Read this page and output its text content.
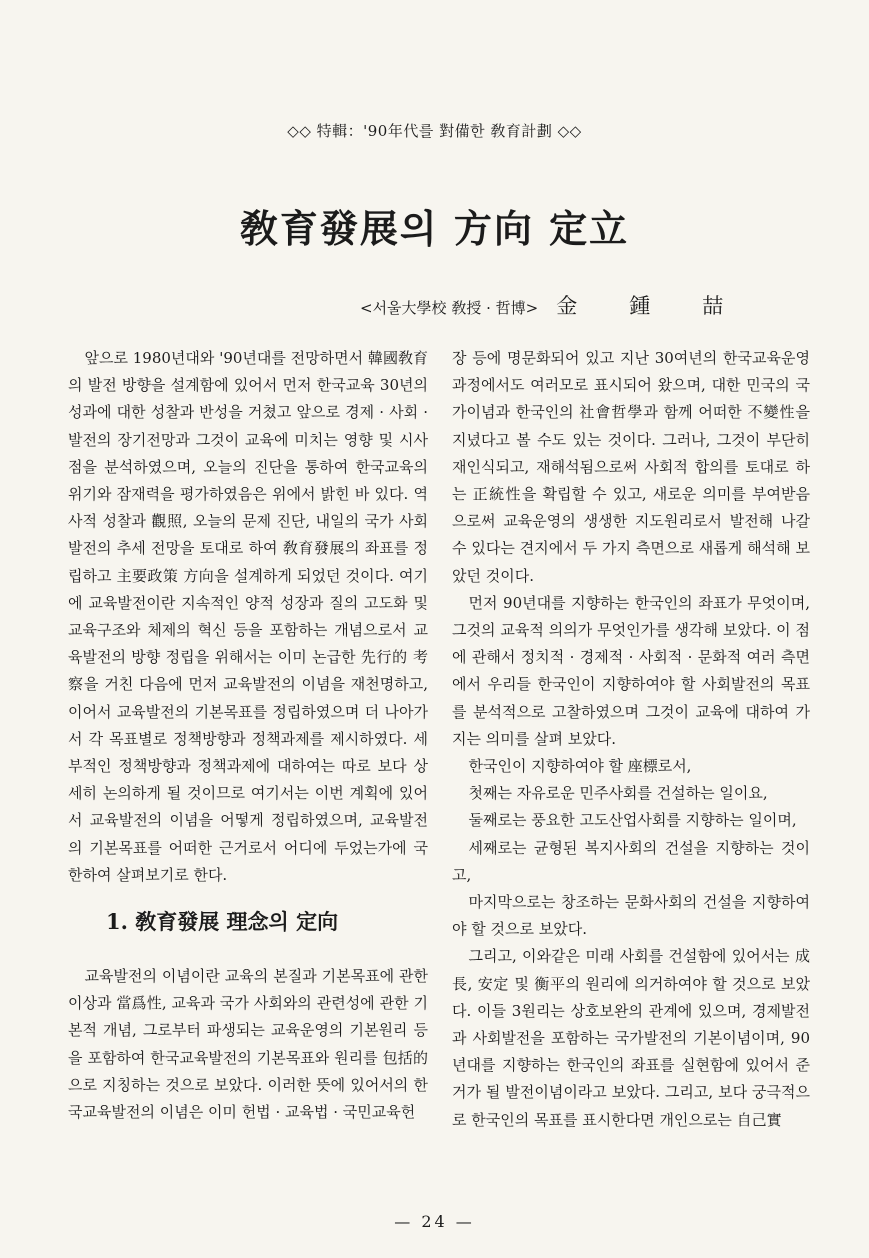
◇◇ 特輯：'90年代를 對備한 敎育計劃 ◇◇
敎育發展의 方向 定立
<서울大學校 敎授 · 哲博> 金鍾喆

앞으로 1980년대와 '90년대를 전망하면서 韓國敎育의 발전 방향을 설계함에 있어서 먼저 한국교육 30년의 성과에 대한 성찰과 반성을 거쳤고 앞으로 경제 · 사회 · 발전의 장기전망과 그것이 교육에 미치는 영향 및 시사점을 분석하였으며, 오늘의 진단을 통하여 한국교육의 위기와 잠재력을 평가하였음은 위에서 밝힌 바 있다. 역사적 성찰과 觀照, 오늘의 문제 진단, 내일의 국가 사회 발전의 추세 전망을 토대로 하여 敎育發展의 좌표를 정립하고 主要政策 方向을 설계하게 되었던 것이다. 여기에 교육발전이란 지속적인 양적 성장과 질의 고도화 및 교육구조와 체제의 혁신 등을 포함하는 개념으로서 교육발전의 방향 정립을 위해서는 이미 논급한 先行的 考察을 거친 다음에 먼저 교육발전의 이념을 재천명하고, 이어서 교육발전의 기본목표를 정립하였으며 더 나아가서 각 목표별로 정책방향과 정책과제를 제시하였다. 세부적인 정책방향과 정책과제에 대하여는 따로 보다 상세히 논의하게 될 것이므로 여기서는 이번 계획에 있어서 교육발전의 이념을 어떻게 정립하였으며, 교육발전의 기본목표를 어떠한 근거로서 어디에 두었는가에 국한하여 살펴보기로 한다.

1. 敎育發展 理念의 定向

교육발전의 이념이란 교육의 본질과 기본목표에 관한 이상과 當爲性, 교육과 국가 사회와의 관련성에 관한 기본적 개념, 그로부터 파생되는 교육운영의 기본원리 등을 포함하여 한국교육발전의 기본목표와 원리를 包括的으로 지칭하는 것으로 보았다. 이러한 뜻에 있어서의 한국교육발전의 이념은 이미 헌법 · 교육법 · 국민교육헌

장 등에 명문화되어 있고 지난 30여년의 한국교육운영 과정에서도 여러모로 표시되어 왔으며, 대한 민국의 국가이념과 한국인의 社會哲學과 함께 어떠한 不變性을 지녔다고 볼 수도 있는 것이다. 그러나, 그것이 부단히 재인식되고, 재해석됨으로써 사회적 합의를 토대로 하는 正統性을 확립할 수 있고, 새로운 의미를 부여받음으로써 교육운영의 생생한 지도원리로서 발전해 나갈 수 있다는 견지에서 두 가지 측면으로 새롭게 해석해 보았던 것이다.

먼저 90년대를 지향하는 한국인의 좌표가 무엇이며, 그것의 교육적 의의가 무엇인가를 생각해 보았다. 이 점에 관해서 정치적 · 경제적 · 사회적 · 문화적 여러 측면에서 우리들 한국인이 지향하여야 할 사회발전의 목표를 분석적으로 고찰하였으며 그것이 교육에 대하여 가지는 의미를 살펴 보았다.

한국인이 지향하여야 할 座標로서,

첫째는 자유로운 민주사회를 건설하는 일이요,

둘째로는 풍요한 고도산업사회를 지향하는 일이며,

세째로는 균형된 복지사회의 건설을 지향하는 것이고,

마지막으로는 창조하는 문화사회의 건설을 지향하여야 할 것으로 보았다.

그리고, 이와같은 미래 사회를 건설함에 있어서는 成長, 安定 및 衡平의 원리에 의거하여야 할 것으로 보았다. 이들 3원리는 상호보완의 관계에 있으며, 경제발전과 사회발전을 포함하는 국가발전의 기본이념이며, 90년대를 지향하는 한국인의 좌표를 실현함에 있어서 준거가 될 발전이념이라고 보았다. 그리고, 보다 궁극적으로 한국인의 목표를 표시한다면 개인으로는 自己實

— 24 —
